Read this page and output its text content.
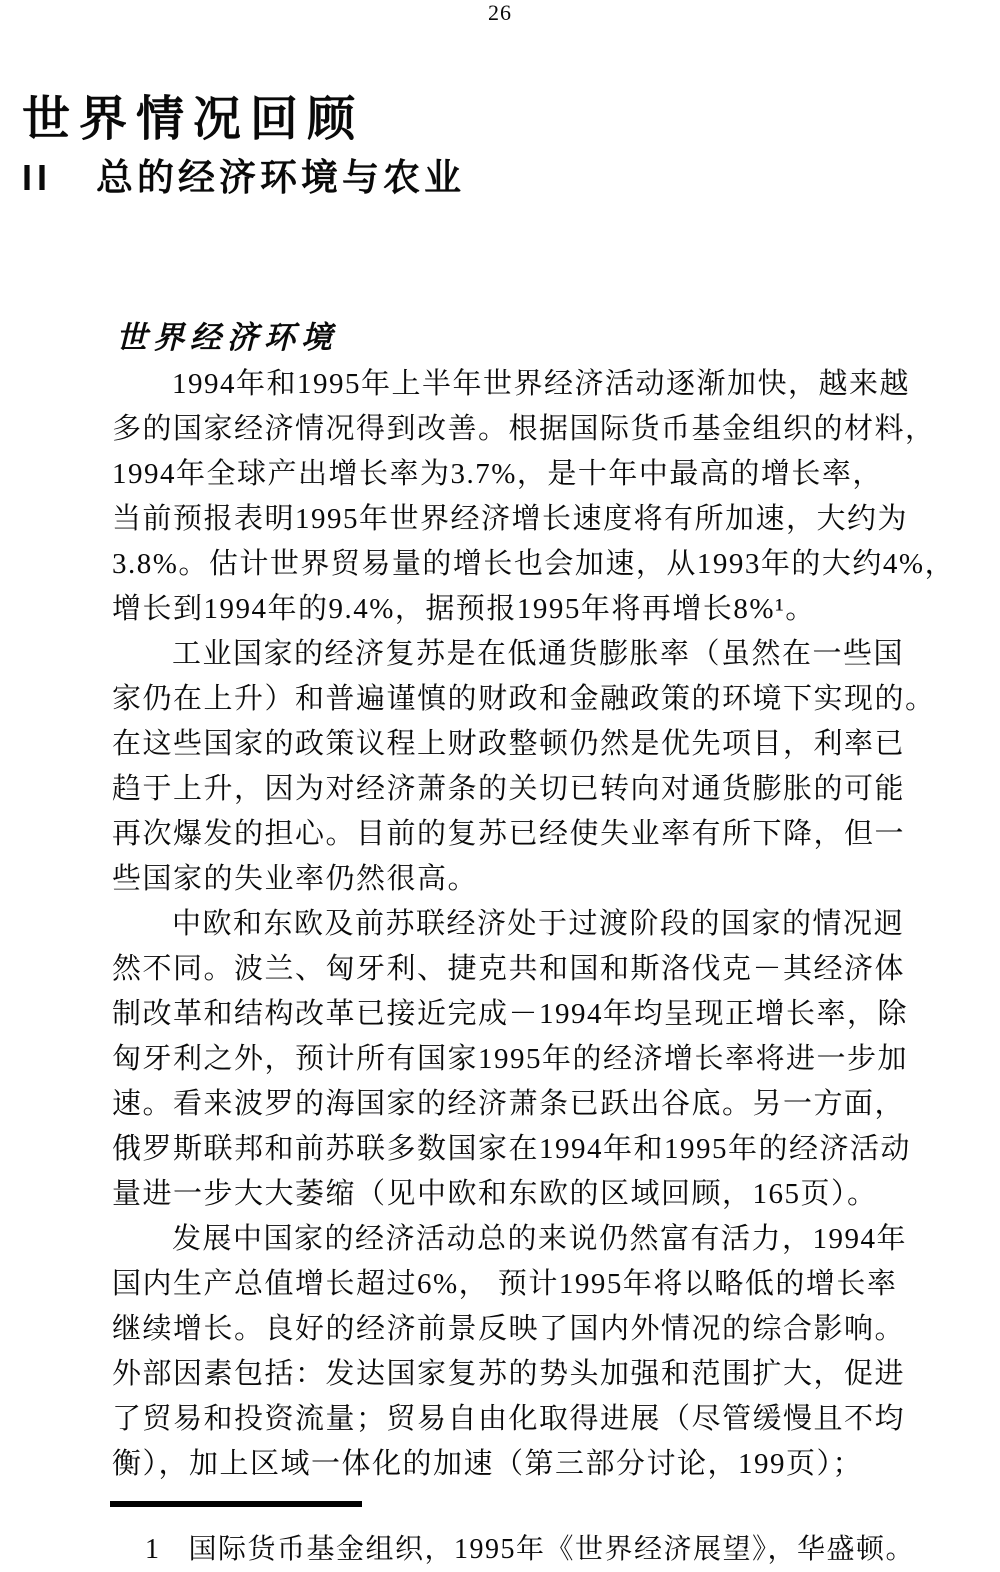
26
世界情况回顾
II 总的经济环境与农业
世界经济环境
1994年和1995年上半年世界经济活动逐渐加快，越来越
多的国家经济情况得到改善。根据国际货币基金组织的材料，
1994年全球产出增长率为3.7%，是十年中最高的增长率，
当前预报表明1995年世界经济增长速度将有所加速，大约为
3.8%。估计世界贸易量的增长也会加速，从1993年的大约4%，
增长到1994年的9.4%，据预报1995年将再增长8%¹。
工业国家的经济复苏是在低通货膨胀率（虽然在一些国
家仍在上升）和普遍谨慎的财政和金融政策的环境下实现的。
在这些国家的政策议程上财政整顿仍然是优先项目，利率已
趋于上升，因为对经济萧条的关切已转向对通货膨胀的可能
再次爆发的担心。目前的复苏已经使失业率有所下降，但一
些国家的失业率仍然很高。
中欧和东欧及前苏联经济处于过渡阶段的国家的情况迥
然不同。波兰、匈牙利、捷克共和国和斯洛伐克－其经济体
制改革和结构改革已接近完成－1994年均呈现正增长率，除
匈牙利之外，预计所有国家1995年的经济增长率将进一步加
速。看来波罗的海国家的经济萧条已跃出谷底。另一方面，
俄罗斯联邦和前苏联多数国家在1994年和1995年的经济活动
量进一步大大萎缩（见中欧和东欧的区域回顾，165页）。
发展中国家的经济活动总的来说仍然富有活力，1994年
国内生产总值增长超过6%， 预计1995年将以略低的增长率
继续增长。良好的经济前景反映了国内外情况的综合影响。
外部因素包括：发达国家复苏的势头加强和范围扩大，促进
了贸易和投资流量；贸易自由化取得进展（尽管缓慢且不均
衡），加上区域一体化的加速（第三部分讨论，199页）；
1 国际货币基金组织，1995年《世界经济展望》，华盛顿。
